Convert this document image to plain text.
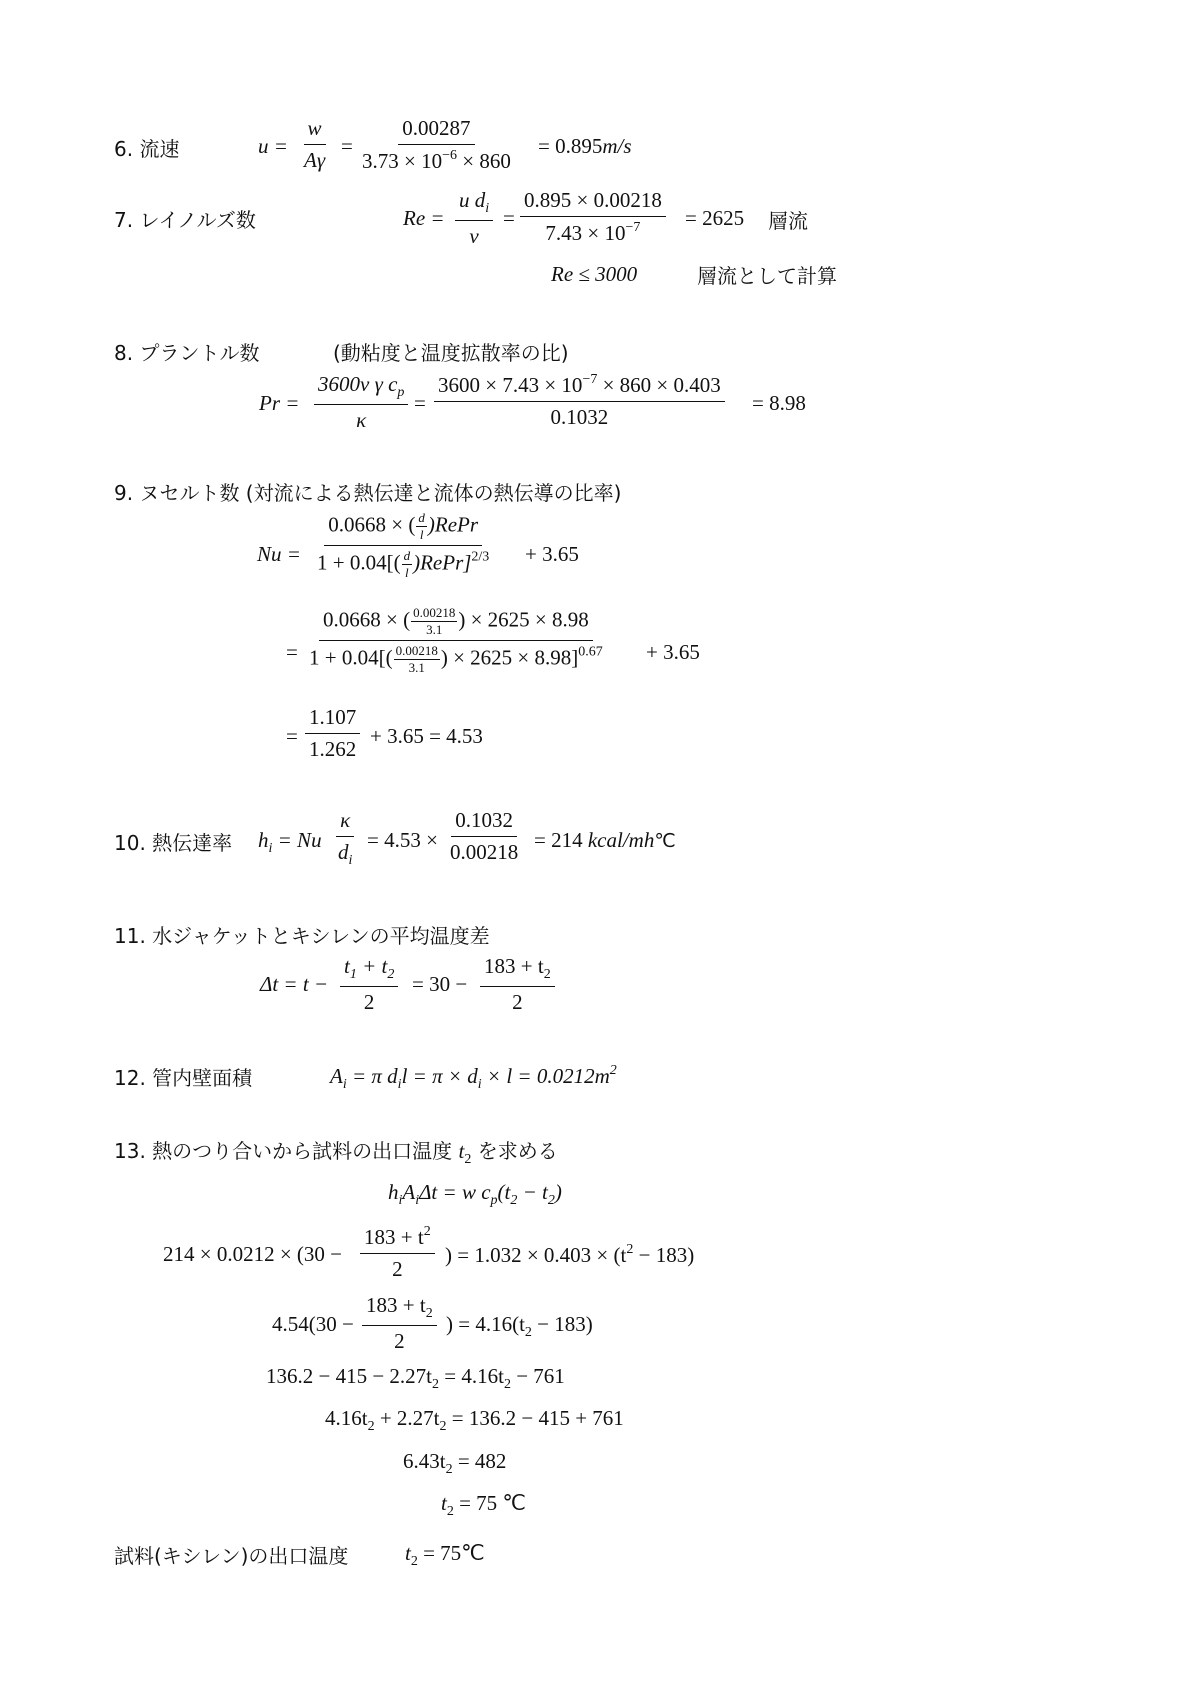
6. 流速	$u = \frac{w}{A\gamma} = \frac{0.00287}{3.73 \times 10^{-6} \times 860} = 0.895m/s$
7. レイノルズ数	$Re = \frac{u d_i}{\nu} = \frac{0.895 \times 0.00218}{7.43 \times 10^{-7}} = 2625$ 層流
Re ≤ 3000	層流として計算
8. プラントル数	(動粘度と温度拡散率の比)
$Pr = \frac{3600\nu \gamma c_p}{\kappa} = \frac{3600 \times 7.43 \times 10^{-7} \times 860 \times 0.403}{0.1032} = 8.98$
9. ヌセルト数 (対流による熱伝達と流体の熱伝導の比率)
Nu =
0.0668 × ( $\frac{d}{l}$ )RePr
$1 + 0.04[( \frac{d}{l}$ )RePr]$^{2/3}$ + 3.65
= $\frac{0.0668 \times ( \frac{0.00218}{3.1} ) \times 2625 \times 8.98}{1 + 0.04[( \frac{0.00218}{3.1} ) \times 2625 \times 8.98]^{0.67}} + 3.65$
= $\frac{1.107}{1.262} + 3.65 = 4.53$
10. 熱伝達率 $h_i = Nu \frac{\kappa}{d_i} = 4.53 \times \frac{0.1032}{0.00218} = 214$ kcal/mh℃
11. 水ジャケットとキシレンの平均温度差
$\Delta t = t - \frac{t_1 + t_2}{2} = 30 - \frac{183 + t_2}{2}$
12. 管内壁面積	$A_i = \pi$ $d_il = \pi \times d_i \times l = 0.0212m^2$
13. 熱のつり合いから試料の出口温度 $t_2$ を求める
$h_iA_i\Delta t = w$ $c_p(t_2 - t_2)$
$214 \times 0.0212 \times (30 - \frac{183 + t^2}{2}$ ) = $1.032 \times 0.403 \times (t^2 - 183)$
$4.54(30 - \frac{183 + t_2}{2}$ ) = $4.16(t_2 - 183)$
$136.2 - 415 - 2.27t_2 = 4.16t_2 - 761$
$4.16t_2 + 2.27t_2 = 136.2 - 415 + 761$
$6.43t_2 = 482$
$t_2 = 75$ ℃
試料(キシレン)の出口温度	$t_2$ = 75℃
